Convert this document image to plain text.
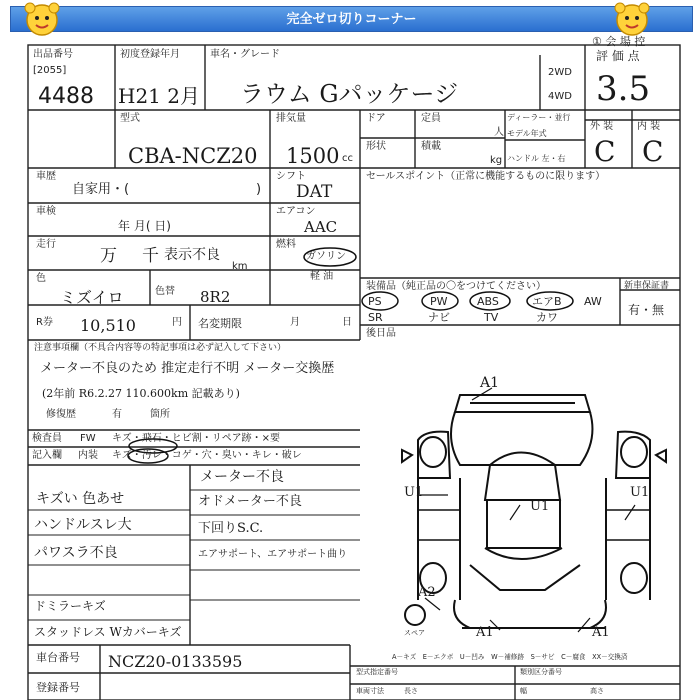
完全ゼロ切りコーナー
① 会 場 控
出品番号
[2055]
4488
初度登録年月
H21 2月
車名・グレード
ラウム Gパッケージ
2WD
4WD
評 価 点
3.5
型式
CBA-NCZ20
排気量
1500 cc
ドア	定員
人
ディーラー・並行
モデル年式
ハンドル 左・右
形状	積載
kg
外 装 内 装
C C
車歴
自家用・(	)
シフト
DAT
セールスポイント（正常に機能するものに限ります）
車検
年 月( 日)
エアコン
AAC
走行
万 千 表示不良
km
燃料
ガソリン
軽 油
色
ミズイロ	色替 8R2
R券 10,510	円 名変期限	月	日
装備品（純正品の〇をつけてください）	新車保証書
有・無
PS	PW	ABS	エアB AW
SR	ナビ	TV	カワ
後日品
注意事項欄（不具合内容等の特記事項は必ず記入して下さい）
メーター不良のため 推定走行不明 メーター交換歴
(2年前 R6.2.27 110.600km 記載あり)
修復歴	有	箇所
検査員 FW キズ・飛石・ヒビ割・リペア跡・×要
記入欄 内装 キズ・汚レ・コゲ・穴・臭い・キレ・破レ
キズい 色あせ
ハンドルスレ大
パワスラ不良
ドミラーキズ
スタッドレス Wカバーキズ
メーター不良
オドメーター不良
下回りS.C.
エアサポート、エアサポート曲り
A1
U1
U1
U1
A2
A1	A1
スペア
A－キズ　E－エクボ　U－凹み　W－補修跡　S－サビ　C－腐食　XX－交換済
車台番号 NCZ20-0133595
登録番号
型式指定番号	類別区分番号
車両寸法	長さ	幅	高さ
